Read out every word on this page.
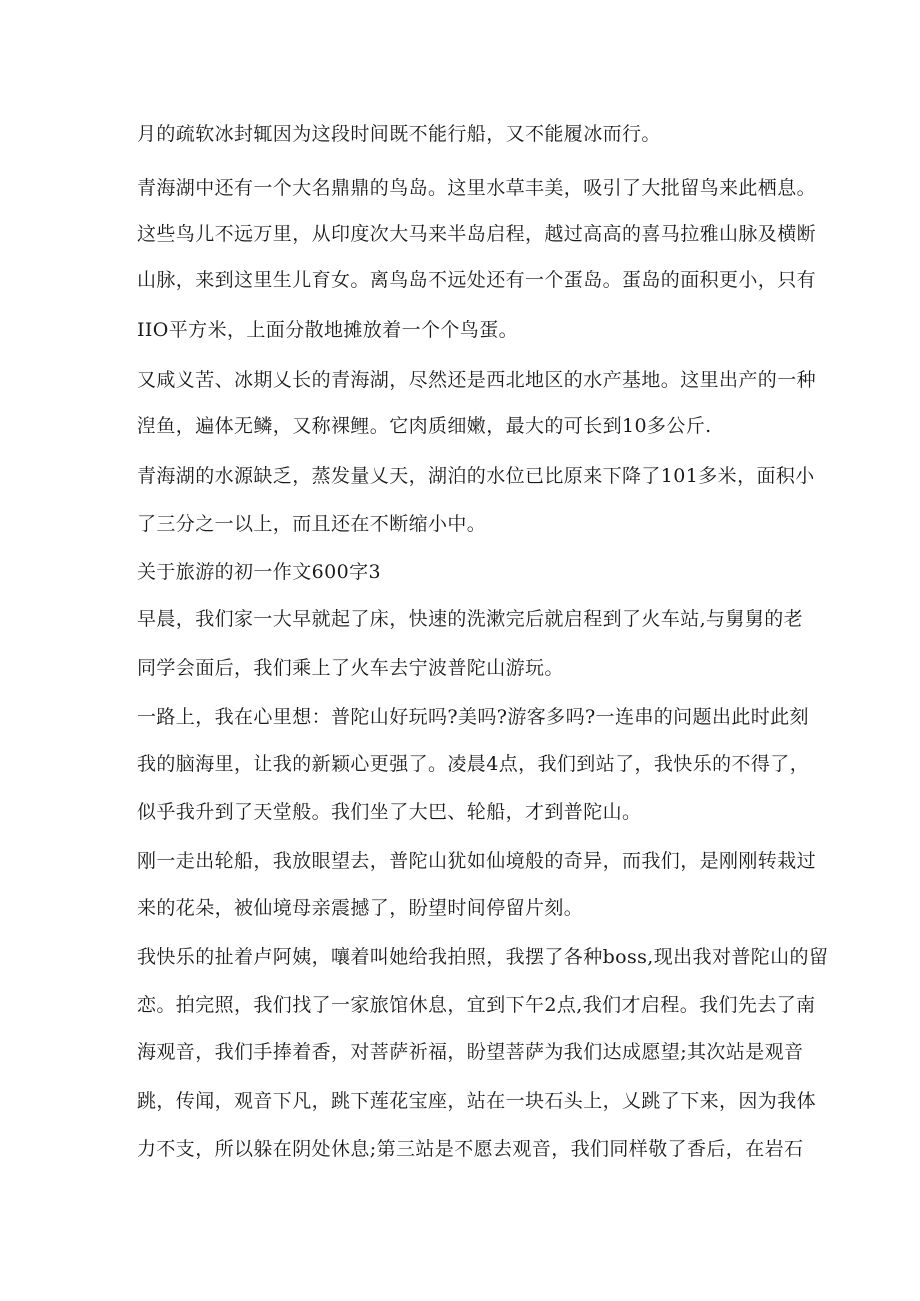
月的疏软冰封辄因为这段时间既不能行船，又不能履冰而行。
青海湖中还有一个大名鼎鼎的鸟岛。这里水草丰美，吸引了大批留鸟来此栖息。
这些鸟儿不远万里，从印度次大马来半岛启程，越过高高的喜马拉雅山脉及横断
山脉，来到这里生儿育女。离鸟岛不远处还有一个蛋岛。蛋岛的面积更小，只有
IIO平方米，上面分散地摊放着一个个鸟蛋。
又咸义苦、冰期乂长的青海湖，尽然还是西北地区的水产基地。这里出产的一种
湼鱼，遍体无鳞，又称裸鲤。它肉质细嫩，最大的可长到10多公斤.
青海湖的水源缺乏，蒸发量乂天，湖泊的水位已比原来下降了101多米，面积小
了三分之一以上，而且还在不断缩小中。
关于旅游的初一作文600字3
早晨，我们家一大早就起了床，快速的洗漱完后就启程到了火车站,与舅舅的老
同学会面后，我们乘上了火车去宁波普陀山游玩。
一路上，我在心里想：普陀山好玩吗?美吗?游客多吗?一连串的问题出此时此刻
我的脑海里，让我的新颖心更强了。凌晨4点，我们到站了，我快乐的不得了，
似乎我升到了天堂般。我们坐了大巴、轮船，才到普陀山。
刚一走出轮船，我放眼望去，普陀山犹如仙境般的奇异，而我们，是刚刚转栽过
来的花朵，被仙境母亲震撼了，盼望时间停留片刻。
我快乐的扯着卢阿姨，嚷着叫她给我拍照，我摆了各种boss,现出我对普陀山的留
恋。拍完照，我们找了一家旅馆休息，宜到下午2点,我们才启程。我们先去了南
海观音，我们手捧着香，对菩萨祈福，盼望菩萨为我们达成愿望;其次站是观音
跳，传闻，观音下凡，跳下莲花宝座，站在一块石头上，乂跳了下来，因为我体
力不支，所以躲在阴处休息;第三站是不愿去观音，我们同样敬了香后，在岩石
